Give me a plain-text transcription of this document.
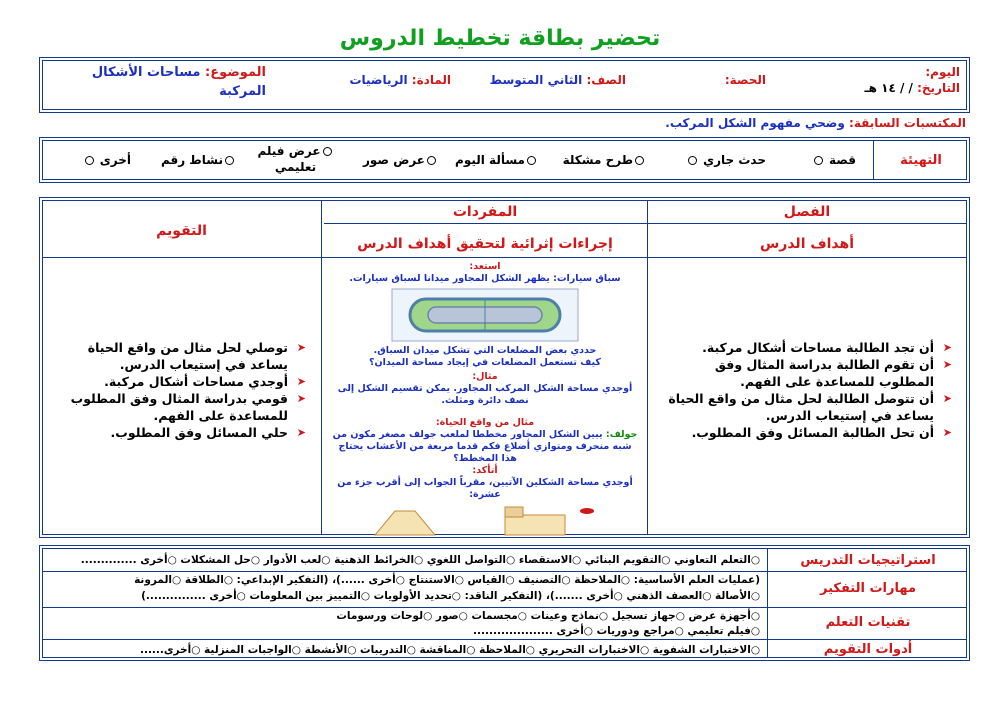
تحضير بطاقة تخطيط الدروس
اليوم:
التاريخ: / / ١٤ هـ
الحصة:
الصف: الثاني المتوسط
المادة: الرياضيات
الموضوع: مساحات الأشكال المركبة
المكتسبات السابقة: وضحي مفهوم الشكل المركب.
التهيئة
قصة
حدث جاري
طرح مشكلة
مسألة اليوم
عرض صور
عرض فيلم تعليمي
نشاط رقم
أخرى
الفصل
المفردات
التقويم
أهداف الدرس
إجراءات إثرائية لتحقيق أهداف الدرس
➤
أن تجد الطالبة مساحات أشكال مركبة.
➤
أن تقوم الطالبة بدراسة المثال وفق المطلوب للمساعدة على الفهم.
➤
أن تتوصل الطالبة لحل مثال من واقع الحياة يساعد في إستيعاب الدرس.
➤
أن تحل الطالبة المسائل وفق المطلوب.
استعد:
سباق سيارات: يظهر الشكل المجاور ميدانا لسباق سيارات.
حددي بعض المضلعات التي تشكل ميدان السباق.
كيف تستعمل المضلعات في إيجاد مساحة الميدان؟
مثال:
أوجدي مساحة الشكل المركب المجاور. يمكن تقسيم الشكل إلى نصف دائرة ومثلث.
مثال من واقع الحياة:
جولف: يبين الشكل المجاور مخططا لملعب جولف مصغر مكون من شبه منحرف ومتوازي أضلاع فكم قدما مربعة من الأعشاب يحتاج هذا المخطط؟
أتأكد:
أوجدي مساحة الشكلين الآتيين، مقرباً الجواب إلى أقرب جزء من عشرة:
➤
توصلي لحل مثال من واقع الحياة يساعد في إستيعاب الدرس.
➤
أوجدي مساحات أشكال مركبة.
➤
قومي بدراسة المثال وفق المطلوب للمساعدة على الفهم.
➤
حلي المسائل وفق المطلوب.
استراتيجيات التدريس
○التعلم التعاوني ○التقويم البنائي ○الاستقصاء ○التواصل اللغوي ○الخرائط الذهنية ○لعب الأدوار ○حل المشكلات ○أخرى ..............
مهارات التفكير
(عمليات العلم الأساسية: ○الملاحظة ○التصنيف ○القياس ○الاستنتاج ○أخرى ......)، (التفكير الإبداعي: ○الطلاقة ○المرونة
○الأصالة ○العصف الذهني ○أخرى .......)، (التفكير الناقد: ○تحديد الأولويات ○التمييز بين المعلومات ○أخرى ...............)
تقنيات التعلم
○أجهزة عرض ○جهاز تسجيل ○نماذج وعينات ○مجسمات ○صور ○لوحات ورسومات
○فيلم تعليمي ○مراجع ودوريات ○أخرى ....................
أدوات التقويم
○الاختبارات الشفوية ○الاختبارات التحريري ○الملاحظة ○المناقشة ○التدريبات ○الأنشطة ○الواجبات المنزلية ○أخرى......
